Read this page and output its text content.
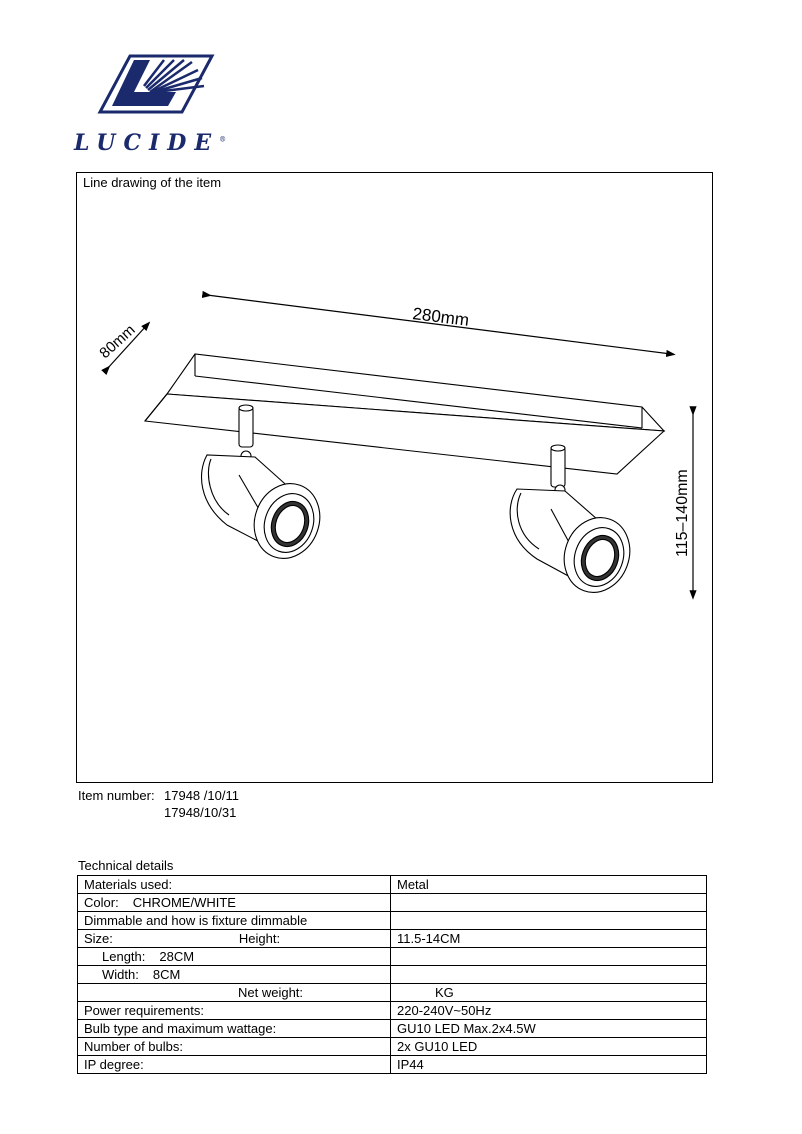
LUCIDE®
Line drawing of the item
280mm
80mm
115–140mm
Item number: 17948 /10/11
17948/10/31
Technical details
Materials used:	Metal
Color: CHROME/WHITE	
Dimmable and how is fixture dimmable	
Size: Height:	11.5-14CM
Length: 28CM	
Width: 8CM	
Net weight:	KG
Power requirements:	220-240V~50Hz
Bulb type and maximum wattage:	GU10 LED Max.2x4.5W
Number of bulbs:	2x GU10 LED
IP degree:	IP44
